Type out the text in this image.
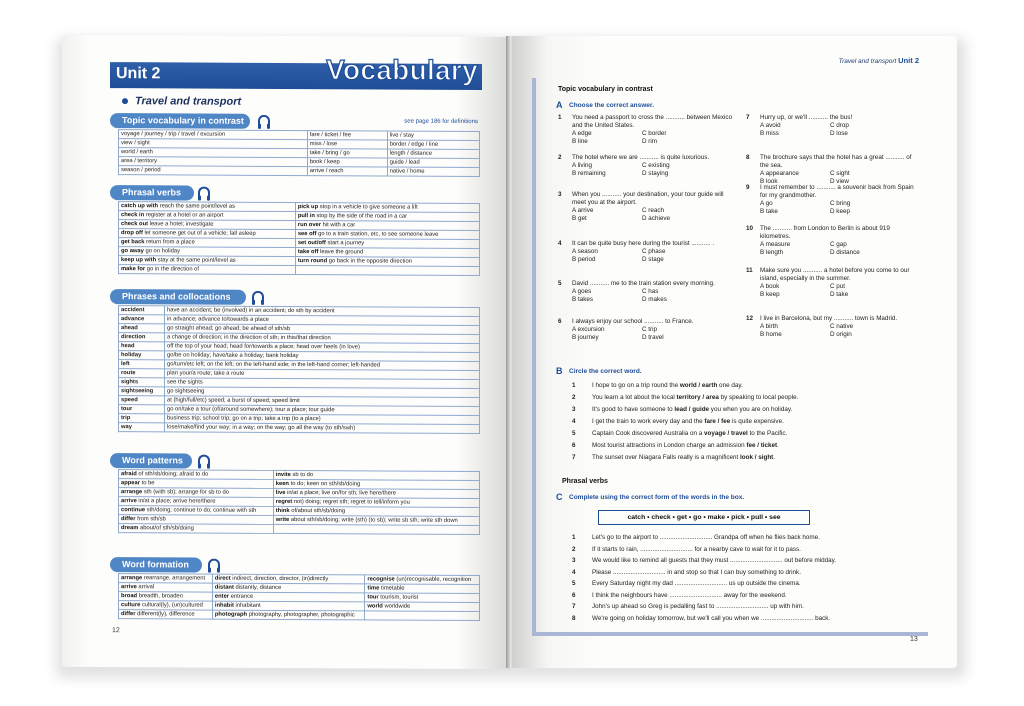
Unit 2	Vocabulary
Travel and transport
Topic vocabulary in contrast	see page 186 for definitions
voyage / journey / trip / travel / excursion	fare / ticket / fee	live / stay
view / sight	miss / lose	border / edge / line
world / earth	take / bring / go	length / distance
area / territory	book / keep	guide / lead
season / period	arrive / reach	native / home
Phrasal verbs
catch up with reach the same point/level as	pick up stop in a vehicle to give someone a lift
check in register at a hotel or an airport	pull in stop by the side of the road in a car
check out leave a hotel; investigate	run over hit with a car
drop off let someone get out of a vehicle; fall asleep	see off go to a train station, etc, to see someone leave
get back return from a place	set out/off start a journey
go away go on holiday	take off leave the ground
keep up with stay at the same point/level as	turn round go back in the opposite direction
make for go in the direction of	
Phrases and collocations
accident	have an accident; be (involved) in an accident; do sth by accident
advance	in advance; advance to/towards a place
ahead	go straight ahead; go ahead; be ahead of sth/sb
direction	a change of direction; in the direction of sth; in this/that direction
head	off the top of your head; head for/towards a place; head over heels (in love)
holiday	go/be on holiday; have/take a holiday; bank holiday
left	go/turn/etc left; on the left; on the left-hand side; in the left-hand corner; left-handed
route	plan your/a route; take a route
sights	see the sights
sightseeing	go sightseeing
speed	at (high/full/etc) speed; a burst of speed; speed limit
tour	go on/take a tour (of/around somewhere); tour a place; tour guide
trip	business trip; school trip; go on a trip; take a trip (to a place)
way	lose/make/find your way; in a way; on the way; go all the way (to sth/swh)
Word patterns
afraid of sth/sb/doing; afraid to do	invite sb to do
appear to be	keen to do; keen on sth/sb/doing
arrange sth (with sb); arrange for sb to do	live in/at a place; live on/for sth; live here/there
arrive in/at a place; arrive here/there	regret not) doing; regret sth; regret to tell/inform you
continue sth/doing; continue to do; continue with sth	think of/about sth/sb/doing
differ from sth/sb	write about sth/sb/doing; write (sth) (to sb); write sb sth; write sth down
dream about/of sth/sb/doing	
Word formation
arrange rearrange, arrangement	direct indirect, direction, director, (in)directly	recognise (un)recognisable, recognition
arrive arrival	distant distantly, distance	time timetable
broad breadth, broaden	enter entrance	tour tourism, tourist
culture cultural(ly), (un)cultured	inhabit inhabitant	world worldwide
differ different(ly), difference	photograph photography, photographer, photographic	
12
Travel and transport Unit 2
Topic vocabulary in contrast
A Choose the correct answer.
1 You need a passport to cross the ........... between Mexico and the United States.
A edge	C border
B line	D rim
2 The hotel where we are ........... is quite luxurious.
A living	C existing
B remaining	D staying
3 When you ........... your destination, your tour guide will meet you at the airport.
A arrive	C reach
B get	D achieve
4 It can be quite busy here during the tourist ........... .
A season	C phase
B period	D stage
5 David ........... me to the train station every morning.
A goes	C has
B takes	D makes
6 I always enjoy our school ........... to France.
A excursion	C trip
B journey	D travel
7 Hurry up, or we'll ........... the bus!
A avoid	C drop
B miss	D lose
8 The brochure says that the hotel has a great ........... of the sea.
A appearance	C sight
B look	D view
9 I must remember to ........... a souvenir back from Spain for my grandmother.
A go	C bring
B take	D keep
10 The ........... from London to Berlin is about 919 kilometres.
A measure	C gap
B length	D distance
11 Make sure you ........... a hotel before you come to our island, especially in the summer.
A book	C put
B keep	D take
12 I live in Barcelona, but my ........... town is Madrid.
A birth	C native
B home	D origin
B Circle the correct word.
1	I hope to go on a trip round the world / earth one day.
2	You learn a lot about the local territory / area by speaking to local people.
3	It's good to have someone to lead / guide you when you are on holiday.
4	I get the train to work every day and the fare / fee is quite expensive.
5	Captain Cook discovered Australia on a voyage / travel to the Pacific.
6	Most tourist attractions in London charge an admission fee / ticket.
7	The sunset over Niagara Falls really is a magnificent look / sight.
Phrasal verbs
C Complete using the correct form of the words in the box.
catch • check • get • go • make • pick • pull • see
1	Let's go to the airport to .............................. Grandpa off when he flies back home.
2	If it starts to rain, .............................. for a nearby cave to wait for it to pass.
3	We would like to remind all guests that they must .............................. out before midday.
4	Please .............................. in and stop so that I can buy something to drink.
5	Every Saturday night my dad .............................. us up outside the cinema.
6	I think the neighbours have .............................. away for the weekend.
7	John's up ahead so Greg is pedalling fast to .............................. up with him.
8	We're going on holiday tomorrow, but we'll call you when we .............................. back.
13
